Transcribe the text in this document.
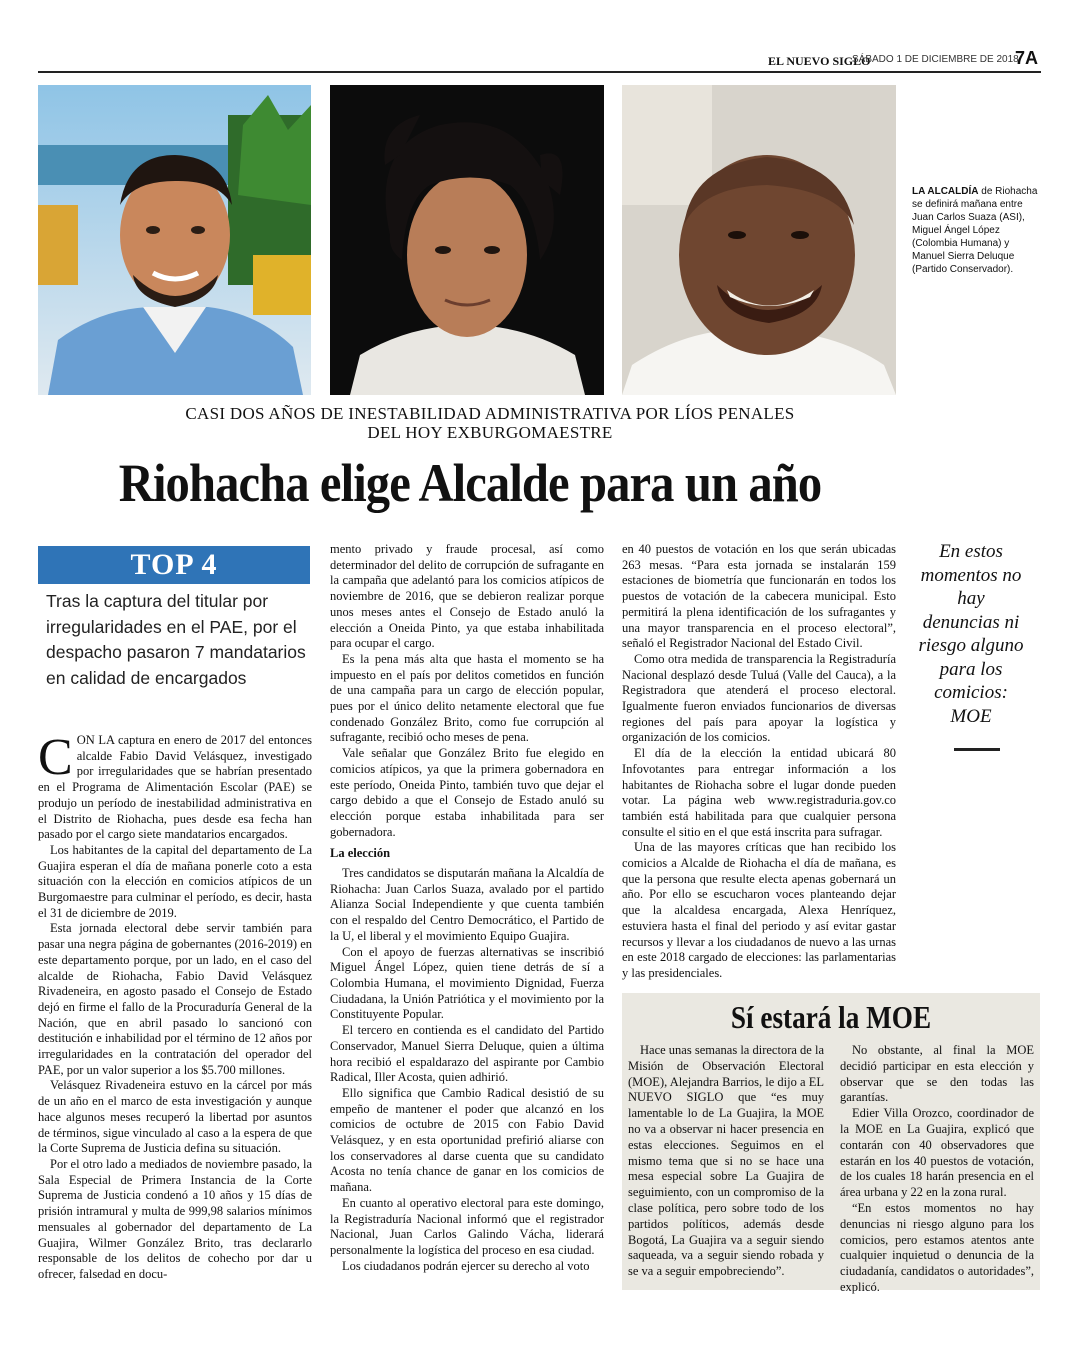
EL NUEVO SIGLO
SÁBADO 1 DE DICIEMBRE DE 2018
7A
LA ALCALDÍA de Riohacha se definirá mañana entre Juan Carlos Suaza (ASI), Miguel Ángel López (Colombia Humana) y Manuel Sierra Deluque (Partido Conservador).
CASI DOS AÑOS DE INESTABILIDAD ADMINISTRATIVA POR LÍOS PENALES
DEL HOY EXBURGOMAESTRE
Riohacha elige Alcalde para un año
TOP 4
Tras la captura del titular por irregularidades en el PAE, por el despacho pasaron 7 mandatarios en calidad de encargados
C ON LA captura en enero de 2017 del entonces alcalde Fabio David Velásquez, investigado por irregularidades que se habrían presentado en el Programa de Alimentación Escolar (PAE) se produjo un período de inestabilidad administrativa en el Distrito de Riohacha, pues desde esa fecha han pasado por el cargo siete mandatarios encargados.

Los habitantes de la capital del departamento de La Guajira esperan el día de mañana ponerle coto a esta situación con la elección en comicios atípicos de un Burgomaestre para culminar el período, es decir, hasta el 31 de diciembre de 2019.

Esta jornada electoral debe servir también para pasar una negra página de gobernantes (2016-2019) en este departamento porque, por un lado, en el caso del alcalde de Riohacha, Fabio David Velásquez Rivadeneira, en agosto pasado el Consejo de Estado dejó en firme el fallo de la Procuraduría General de la Nación, que en abril pasado lo sancionó con destitución e inhabilidad por el término de 12 años por irregularidades en la contratación del operador del PAE, por un valor superior a los $5.700 millones.

Velásquez Rivadeneira estuvo en la cárcel por más de un año en el marco de esta investigación y aunque hace algunos meses recuperó la libertad por asuntos de términos, sigue vinculado al caso a la espera de que la Corte Suprema de Justicia defina su situación.

Por el otro lado a mediados de noviembre pasado, la Sala Especial de Primera Instancia de la Corte Suprema de Justicia condenó a 10 años y 15 días de prisión intramural y multa de 999,98 salarios mínimos mensuales al gobernador del departamento de La Guajira, Wilmer González Brito, tras declararlo responsable de los delitos de cohecho por dar u ofrecer, falsedad en docu-

mento privado y fraude procesal, así como determinador del delito de corrupción de sufragante en la campaña que adelantó para los comicios atípicos de noviembre de 2016, que se debieron realizar porque unos meses antes el Consejo de Estado anuló la elección a Oneida Pinto, ya que estaba inhabilitada para ocupar el cargo.

Es la pena más alta que hasta el momento se ha impuesto en el país por delitos cometidos en función de una campaña para un cargo de elección popular, pues por el único delito netamente electoral que fue condenado González Brito, como fue corrupción al sufragante, recibió ocho meses de pena.

Vale señalar que González Brito fue elegido en comicios atípicos, ya que la primera gobernadora en este período, Oneida Pinto, también tuvo que dejar el cargo debido a que el Consejo de Estado anuló su elección porque estaba inhabilitada para ser gobernadora.

La elección

Tres candidatos se disputarán mañana la Alcaldía de Riohacha: Juan Carlos Suaza, avalado por el partido Alianza Social Independiente y que cuenta también con el respaldo del Centro Democrático, el Partido de la U, el liberal y el movimiento Equipo Guajira.

Con el apoyo de fuerzas alternativas se inscribió Miguel Ángel López, quien tiene detrás de sí a Colombia Humana, el movimiento Dignidad, Fuerza Ciudadana, la Unión Patriótica y el movimiento por la Constituyente Popular.

El tercero en contienda es el candidato del Partido Conservador, Manuel Sierra Deluque, quien a última hora recibió el espaldarazo del aspirante por Cambio Radical, Iller Acosta, quien adhirió.

Ello significa que Cambio Radical desistió de su empeño de mantener el poder que alcanzó en los comicios de octubre de 2015 con Fabio David Velásquez, y en esta oportunidad prefirió aliarse con los conservadores al darse cuenta que su candidato Acosta no tenía chance de ganar en los comicios de mañana.

En cuanto al operativo electoral para este domingo, la Registraduría Nacional informó que el registrador Nacional, Juan Carlos Galindo Vácha, liderará personalmente la logística del proceso en esa ciudad.

Los ciudadanos podrán ejercer su derecho al voto

en 40 puestos de votación en los que serán ubicadas 263 mesas. “Para esta jornada se instalarán 159 estaciones de biometría que funcionarán en todos los puestos de votación de la cabecera municipal. Esto permitirá la plena identificación de los sufragantes y una mayor transparencia en el proceso electoral”, señaló el Registrador Nacional del Estado Civil.

Como otra medida de transparencia la Registraduría Nacional desplazó desde Tuluá (Valle del Cauca), a la Registradora que atenderá el proceso electoral. Igualmente fueron enviados funcionarios de diversas regiones del país para apoyar la logística y organización de los comicios.

El día de la elección la entidad ubicará 80 Infovotantes para entregar información a los habitantes de Riohacha sobre el lugar donde pueden votar. La página web www.registraduria.gov.co también está habilitada para que cualquier persona consulte el sitio en el que está inscrita para sufragar.

Una de las mayores críticas que han recibido los comicios a Alcalde de Riohacha el día de mañana, es que la persona que resulte electa apenas gobernará un año. Por ello se escucharon voces planteando dejar que la alcaldesa encargada, Alexa Henríquez, estuviera hasta el final del periodo y así evitar gastar recursos y llevar a los ciudadanos de nuevo a las urnas en este 2018 cargado de elecciones: las parlamentarias y las presidenciales.

En estos momentos no hay denuncias ni riesgo alguno para los comicios: MOE
Sí estará la MOE

Hace unas semanas la directora de la Misión de Observación Electoral (MOE), Alejandra Barrios, le dijo a EL NUEVO SIGLO que “es muy lamentable lo de La Guajira, la MOE no va a observar ni hacer presencia en estas elecciones. Seguimos en el mismo tema que si no se hace una mesa especial sobre La Guajira de seguimiento, con un compromiso de la clase política, pero sobre todo de los partidos políticos, además desde Bogotá, La Guajira va a seguir siendo saqueada, va a seguir siendo robada y se va a seguir empobreciendo”.

No obstante, al final la MOE decidió participar en esta elección y observar que se den todas las garantías.

Edier Villa Orozco, coordinador de la MOE en La Guajira, explicó que contarán con 40 observadores que estarán en los 40 puestos de votación, de los cuales 18 harán presencia en el área urbana y 22 en la zona rural.

“En estos momentos no hay denuncias ni riesgo alguno para los comicios, pero estamos atentos ante cualquier inquietud o denuncia de la ciudadanía, candidatos o autoridades”, explicó.
